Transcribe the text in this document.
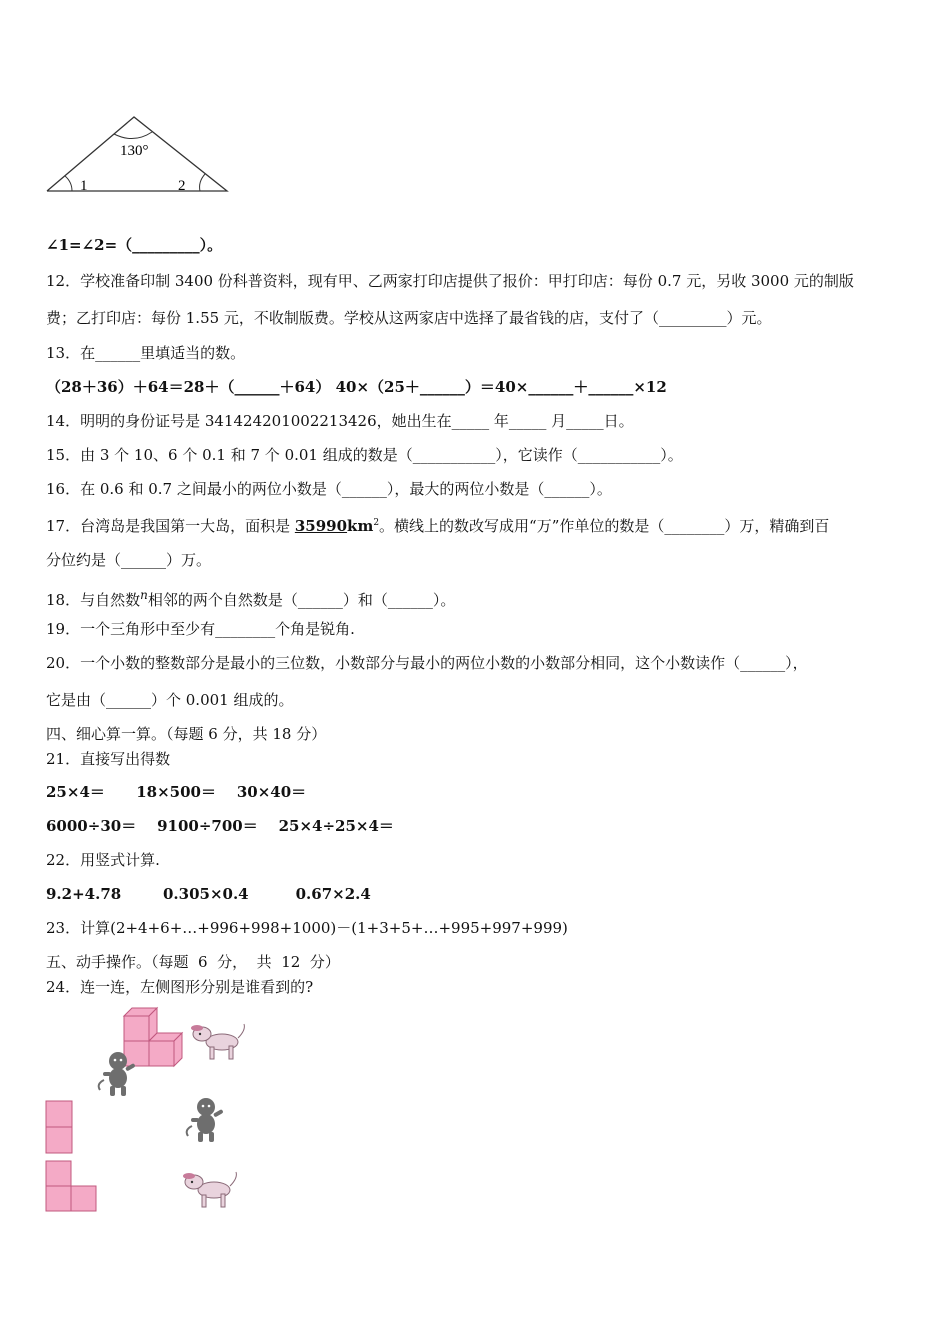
130°
1	2
∠1=∠2=（_________）。
12．学校准备印制 3400 份科普资料，现有甲、乙两家打印店提供了报价：甲打印店：每份 0.7 元，另收 3000 元的制版
费；乙打印店：每份 1.55 元，不收制版费。学校从这两家店中选择了最省钱的店，支付了（_________）元。
13．在______里填适当的数。
（28＋36）＋64＝28＋（______＋64） 40×（25＋______）＝40×______＋______×12
14．明明的身份证号是 341424201002213426，她出生在_____ 年_____ 月_____日。
15．由 3 个 10、6 个 0.1 和 7 个 0.01 组成的数是（___________），它读作（___________）。
16．在 0.6 和 0.7 之间最小的两位小数是（______），最大的两位小数是（______）。
17．台湾岛是我国第一大岛，面积是 $35990km^2$。横线上的数改写成用“万”作单位的数是（________）万，精确到百
分位约是（______）万。
18．与自然数$^n$相邻的两个自然数是（______）和（______）。
19．一个三角形中至少有________个角是锐角.
20．一个小数的整数部分是最小的三位数，小数部分与最小的两位小数的小数部分相同，这个小数读作（______），
它是由（______）个 0.001 组成的。
四、细心算一算。（每题 6 分，共 18 分）
21．直接写出得数
25×4＝      18×500＝    30×40＝
6000÷30＝    9100÷700＝    25×4÷25×4＝
22．用竖式计算.
9.2+4.78        0.305×0.4         0.67×2.4
23．计算(2+4+6+…+996+998+1000)－(1+3+5+…+995+997+999)
五、动手操作。（每题  6  分，  共  12  分）
24．连一连，左侧图形分别是谁看到的?
